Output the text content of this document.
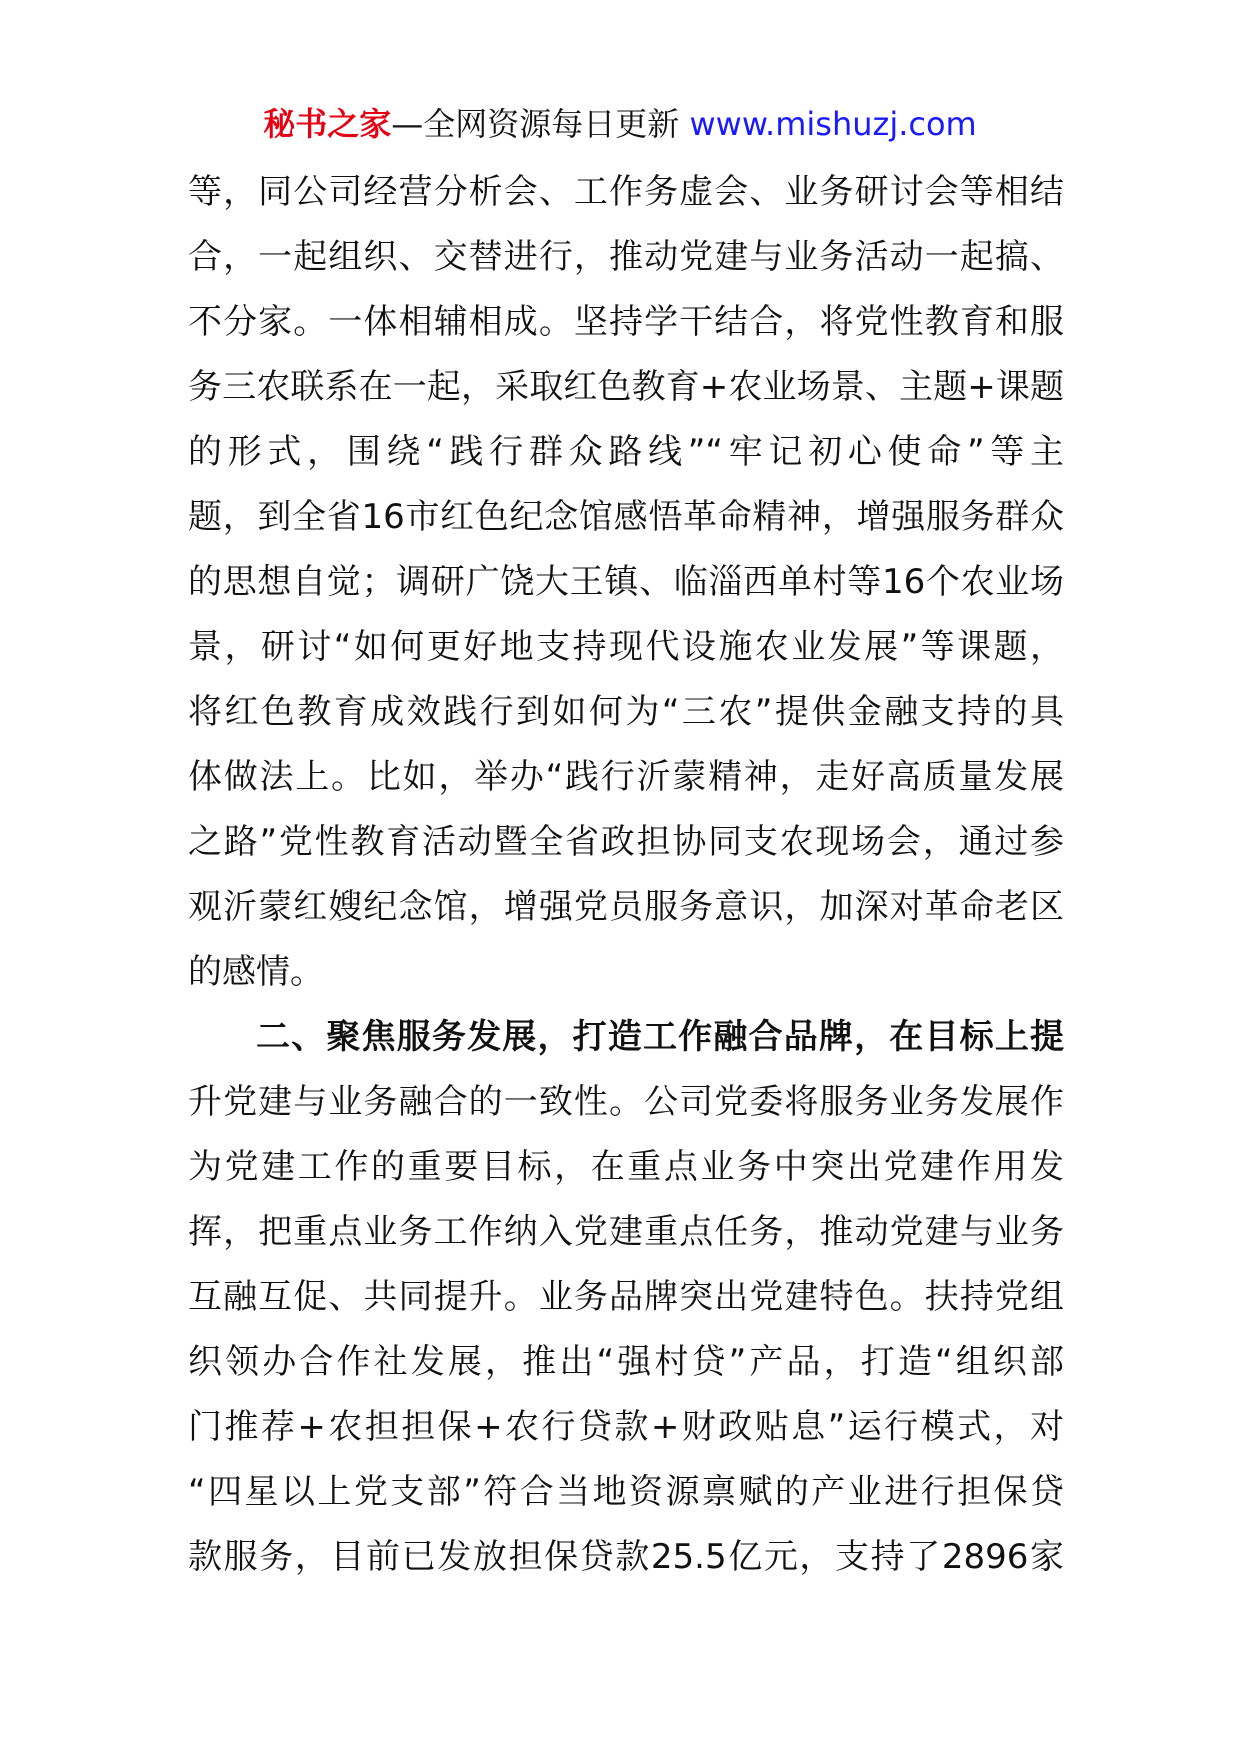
秘书之家—全网资源每日更新 www.mishuzj.com
等，同公司经营分析会、工作务虚会、业务研讨会等相结
合，一起组织、交替进行，推动党建与业务活动一起搞、
不分家。一体相辅相成。坚持学干结合，将党性教育和服
务三农联系在一起，采取红色教育+农业场景、主题+课题
的形式，围绕“践行群众路线”“牢记初心使命”等主
题，到全省16市红色纪念馆感悟革命精神，增强服务群众
的思想自觉；调研广饶大王镇、临淄西单村等16个农业场
景，研讨“如何更好地支持现代设施农业发展”等课题，
将红色教育成效践行到如何为“三农”提供金融支持的具
体做法上。比如，举办“践行沂蒙精神，走好高质量发展
之路”党性教育活动暨全省政担协同支农现场会，通过参
观沂蒙红嫂纪念馆，增强党员服务意识，加深对革命老区
的感情。
二、聚焦服务发展，打造工作融合品牌，在目标上提
升党建与业务融合的一致性。公司党委将服务业务发展作
为党建工作的重要目标，在重点业务中突出党建作用发
挥，把重点业务工作纳入党建重点任务，推动党建与业务
互融互促、共同提升。业务品牌突出党建特色。扶持党组
织领办合作社发展，推出“强村贷”产品，打造“组织部
门推荐+农担担保+农行贷款+财政贴息”运行模式，对
“四星以上党支部”符合当地资源禀赋的产业进行担保贷
款服务，目前已发放担保贷款25.5亿元，支持了2896家
